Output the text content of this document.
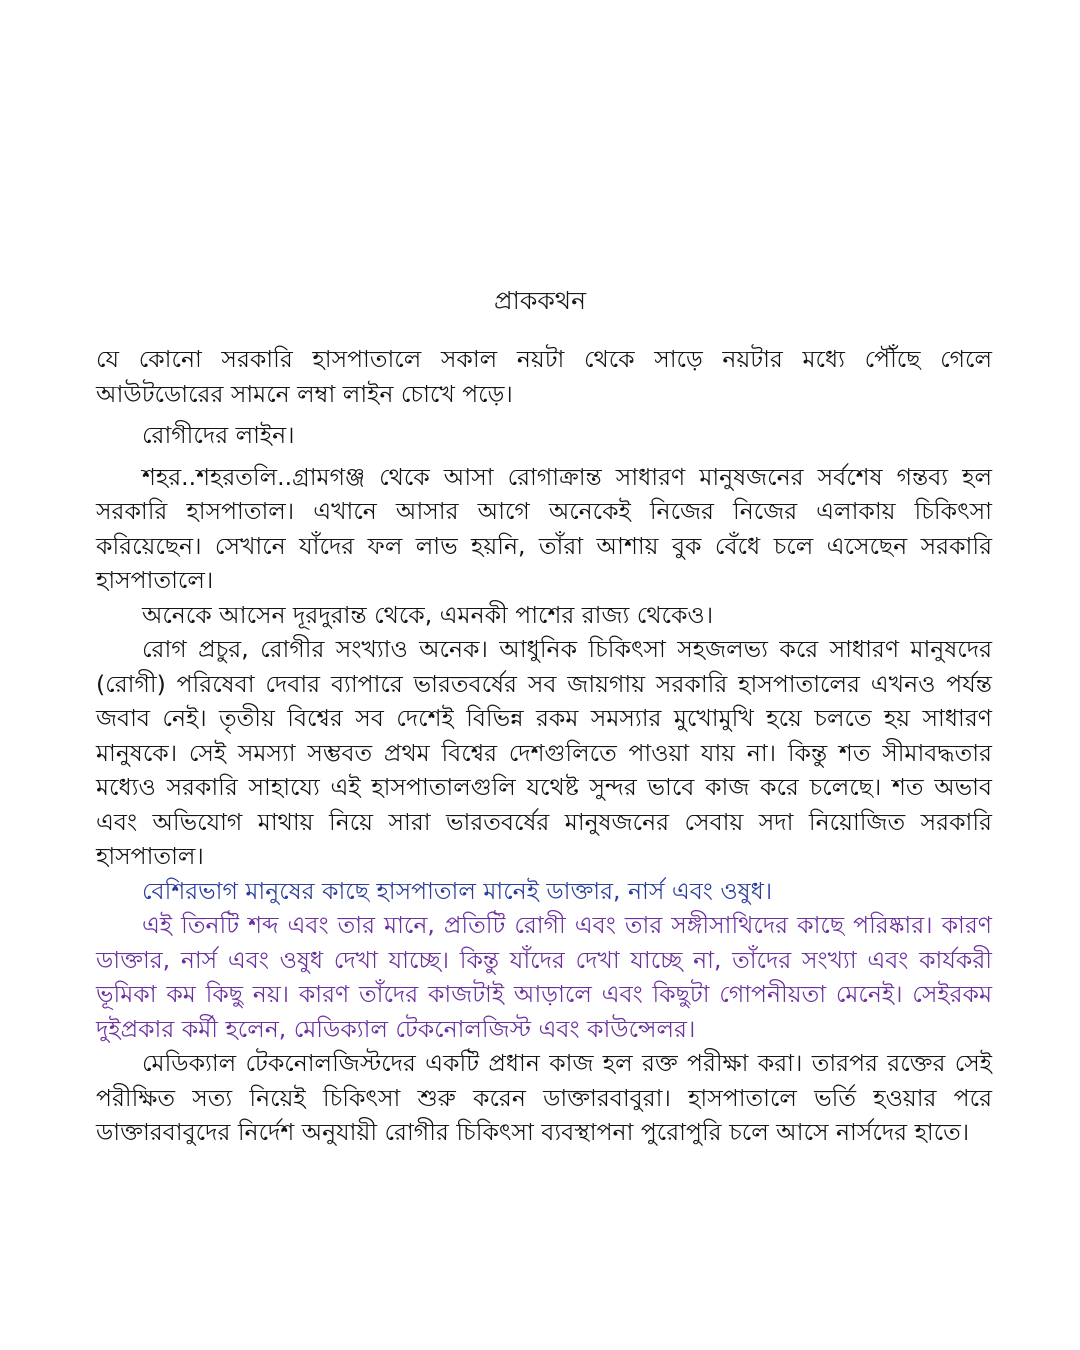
প্রাককথন

যে কোনো সরকারি হাসপাতালে সকাল নয়টা থেকে সাড়ে নয়টার মধ্যে পৌঁছে গেলে আউটডোরের সামনে লম্বা লাইন চোখে পড়ে।

রোগীদের লাইন।

শহর..শহরতলি..গ্রামগঞ্জ থেকে আসা রোগাক্রান্ত সাধারণ মানুষজনের সর্বশেষ গন্তব্য হল সরকারি হাসপাতাল। এখানে আসার আগে অনেকেই নিজের নিজের এলাকায় চিকিৎসা করিয়েছেন। সেখানে যাঁদের ফল লাভ হয়নি, তাঁরা আশায় বুক বেঁধে চলে এসেছেন সরকারি হাসপাতালে।

অনেকে আসেন দূরদুরান্ত থেকে, এমনকী পাশের রাজ্য থেকেও।

রোগ প্রচুর, রোগীর সংখ্যাও অনেক। আধুনিক চিকিৎসা সহজলভ্য করে সাধারণ মানুষদের (রোগী) পরিষেবা দেবার ব্যাপারে ভারতবর্ষের সব জায়গায় সরকারি হাসপাতালের এখনও পর্যন্ত জবাব নেই। তৃতীয় বিশ্বের সব দেশেই বিভিন্ন রকম সমস্যার মুখোমুখি হয়ে চলতে হয় সাধারণ মানুষকে। সেই সমস্যা সম্ভবত প্রথম বিশ্বের দেশগুলিতে পাওয়া যায় না। কিন্তু শত সীমাবদ্ধতার মধ্যেও সরকারি সাহায্যে এই হাসপাতালগুলি যথেষ্ট সুন্দর ভাবে কাজ করে চলেছে। শত অভাব এবং অভিযোগ মাথায় নিয়ে সারা ভারতবর্ষের মানুষজনের সেবায় সদা নিয়োজিত সরকারি হাসপাতাল।

বেশিরভাগ মানুষের কাছে হাসপাতাল মানেই ডাক্তার, নার্স এবং ওষুধ।

এই তিনটি শব্দ এবং তার মানে, প্রতিটি রোগী এবং তার সঙ্গীসাথিদের কাছে পরিষ্কার। কারণ ডাক্তার, নার্স এবং ওষুধ দেখা যাচ্ছে। কিন্তু যাঁদের দেখা যাচ্ছে না, তাঁদের সংখ্যা এবং কার্যকরী ভূমিকা কম কিছু নয়। কারণ তাঁদের কাজটাই আড়ালে এবং কিছুটা গোপনীয়তা মেনেই। সেইরকম দুইপ্রকার কর্মী হলেন, মেডিক্যাল টেকনোলজিস্ট এবং কাউন্সেলর।

মেডিক্যাল টেকনোলজিস্টদের একটি প্রধান কাজ হল রক্ত পরীক্ষা করা। তারপর রক্তের সেই পরীক্ষিত সত্য নিয়েই চিকিৎসা শুরু করেন ডাক্তারবাবুরা। হাসপাতালে ভর্তি হওয়ার পরে ডাক্তারবাবুদের নির্দেশ অনুযায়ী রোগীর চিকিৎসা ব্যবস্থাপনা পুরোপুরি চলে আসে নার্সদের হাতে।
